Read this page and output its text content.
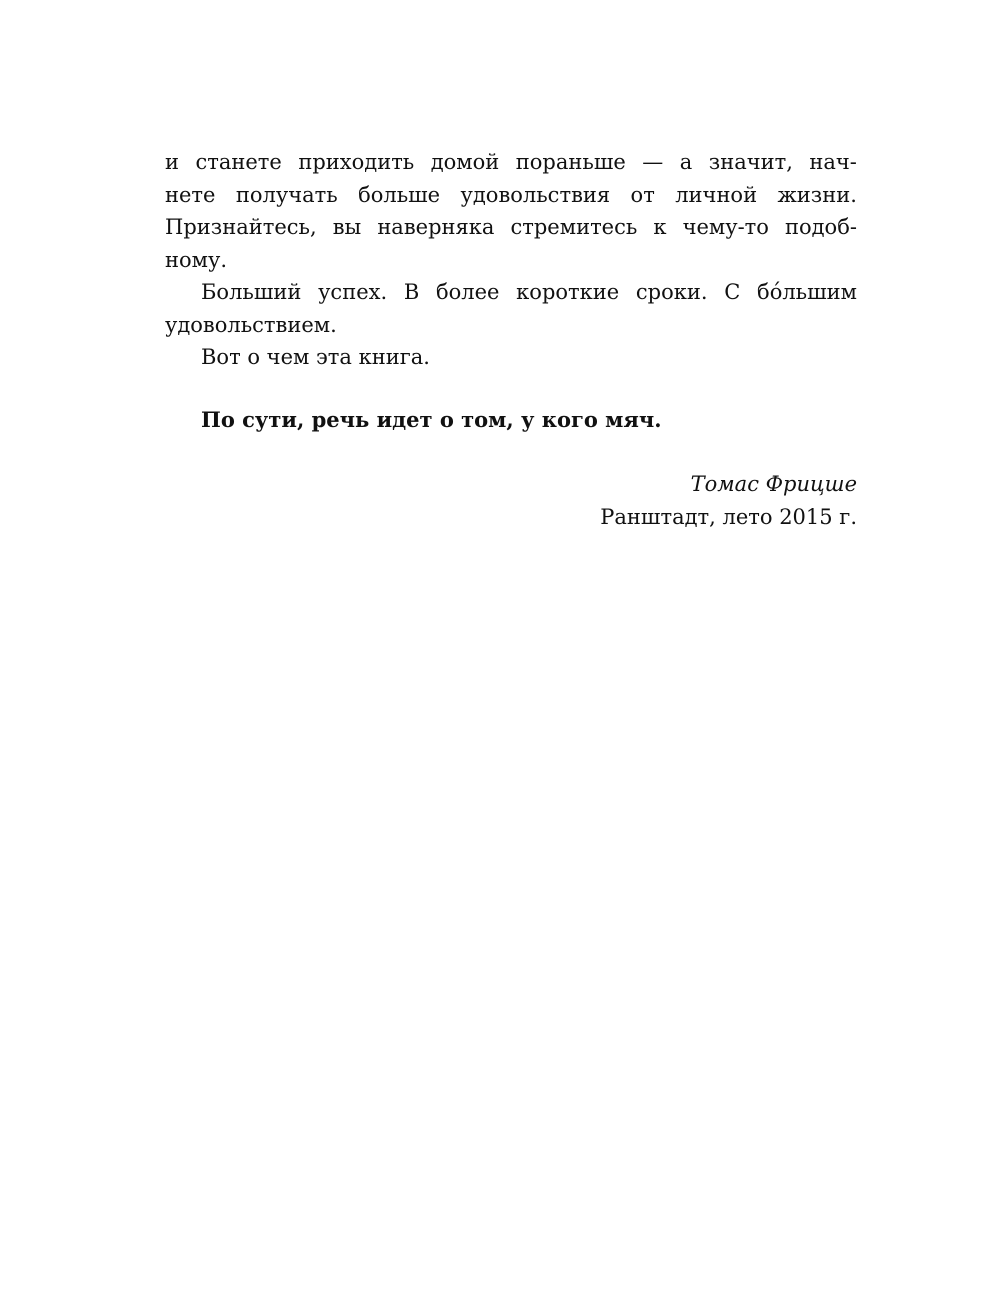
и станете приходить домой пораньше — а значит, нач-
нете получать больше удовольствия от личной жизни.
Признайтесь, вы наверняка стремитесь к чему-то подоб-
ному.
Больший успех. В более короткие сроки. С бо́льшим
удовольствием.
Вот о чем эта книга.
По сути, речь идет о том, у кого мяч.
Томас Фрицше
Ранштадт, лето 2015 г.
